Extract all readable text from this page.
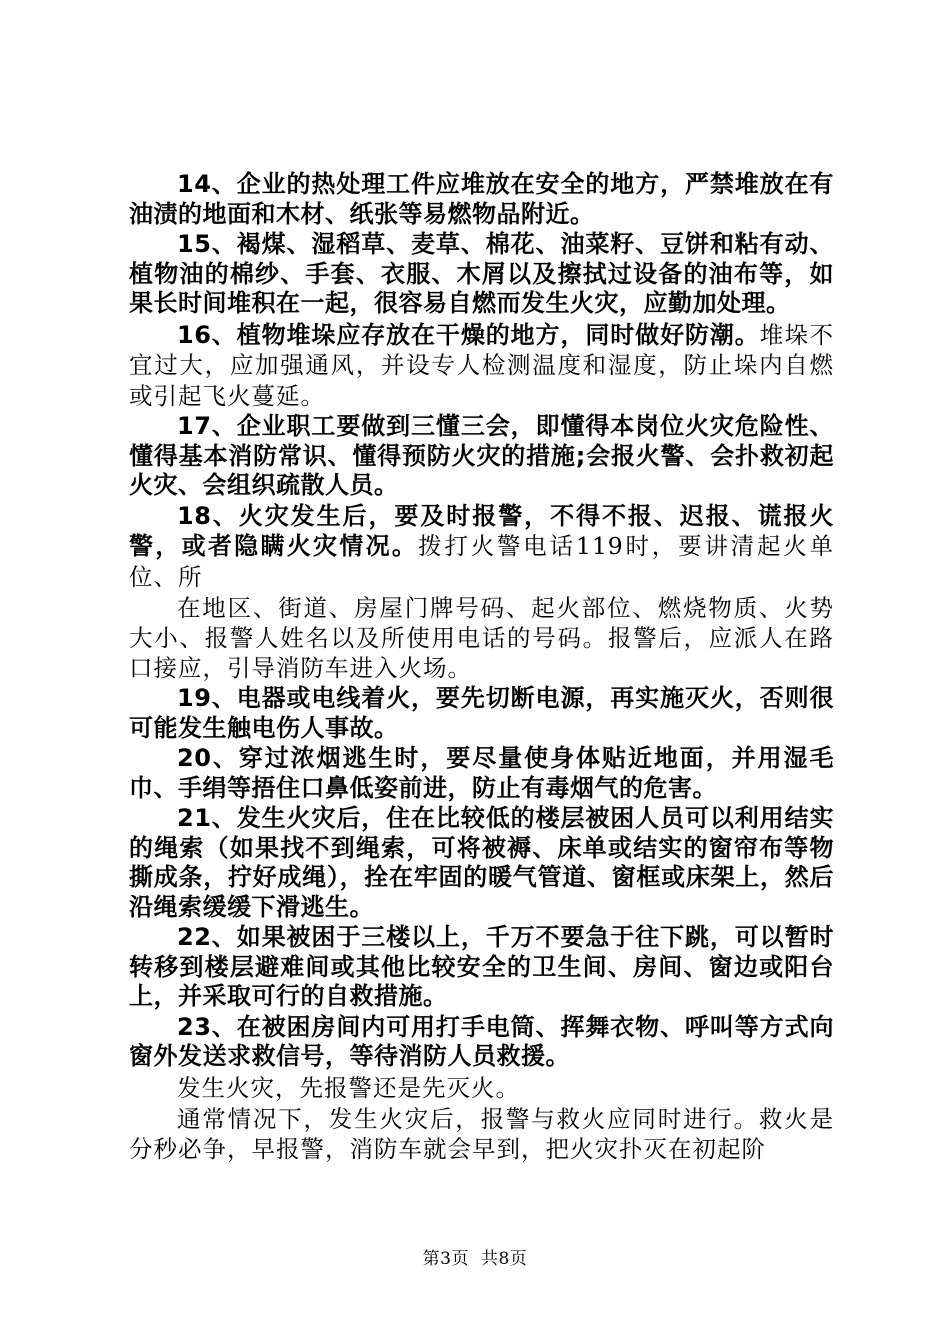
14、企业的热处理工件应堆放在安全的地方，严禁堆放在有油渍的地面和木材、纸张等易燃物品附近。

15、褐煤、湿稻草、麦草、棉花、油菜籽、豆饼和粘有动、植物油的棉纱、手套、衣服、木屑以及擦拭过设备的油布等，如果长时间堆积在一起，很容易自燃而发生火灾，应勤加处理。

16、植物堆垛应存放在干燥的地方，同时做好防潮。堆垛不宜过大，应加强通风，并设专人检测温度和湿度，防止垛内自燃或引起飞火蔓延。

17、企业职工要做到三懂三会，即懂得本岗位火灾危险性、懂得基本消防常识、懂得预防火灾的措施;会报火警、会扑救初起火灾、会组织疏散人员。

18、火灾发生后，要及时报警，不得不报、迟报、谎报火警，或者隐瞒火灾情况。拨打火警电话119时，要讲清起火单位、所

在地区、街道、房屋门牌号码、起火部位、燃烧物质、火势大小、报警人姓名以及所使用电话的号码。报警后，应派人在路口接应，引导消防车进入火场。

19、电器或电线着火，要先切断电源，再实施灭火，否则很可能发生触电伤人事故。

20、穿过浓烟逃生时，要尽量使身体贴近地面，并用湿毛巾、手绢等捂住口鼻低姿前进，防止有毒烟气的危害。

21、发生火灾后，住在比较低的楼层被困人员可以利用结实的绳索（如果找不到绳索，可将被褥、床单或结实的窗帘布等物撕成条，拧好成绳），拴在牢固的暖气管道、窗框或床架上，然后沿绳索缓缓下滑逃生。

22、如果被困于三楼以上，千万不要急于往下跳，可以暂时转移到楼层避难间或其他比较安全的卫生间、房间、窗边或阳台上，并采取可行的自救措施。

23、在被困房间内可用打手电筒、挥舞衣物、呼叫等方式向窗外发送求救信号，等待消防人员救援。

发生火灾，先报警还是先灭火。

通常情况下，发生火灾后，报警与救火应同时进行。救火是分秒必争，早报警，消防车就会早到，把火灾扑灭在初起阶

第3页 共8页
